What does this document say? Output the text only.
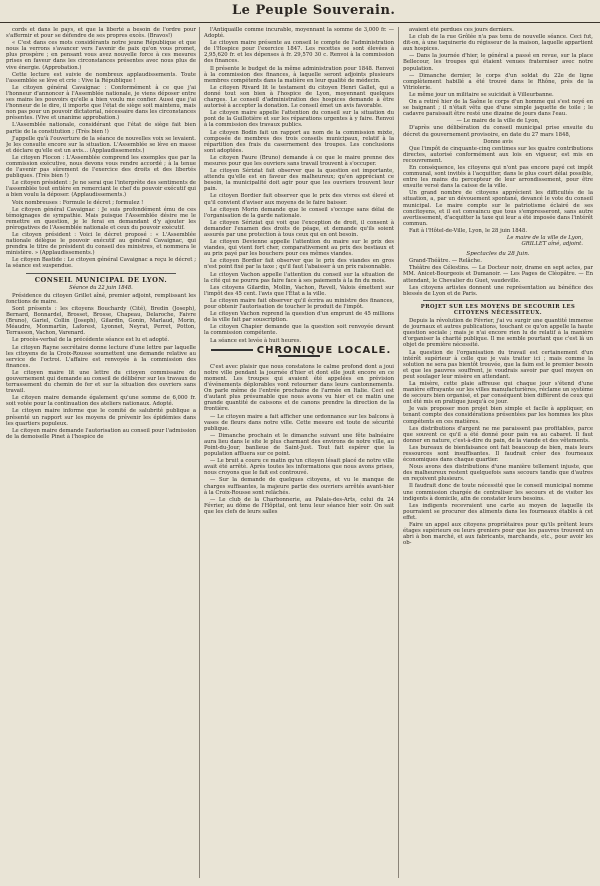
Le Peuple Souverain.

cords et dans le pays, et que la liberté a besoin de l'ordre pour s'affermir et pour se défendre de ses propres excès. (Bravos!)

« C'est dans ces mots considérants notre jeune République et que nous la verrons s'avancer vers l'avenir de paix qu'on vous promet, plus prospère ; en pensant vous avez nouvelle force à ces mesures prises en faveur dans les circonstances présentes avec nous plus de vive énergie. (Approbation.)

Cette lecture est suivie de nombreux applaudissements. Toute l'assemblée se lève et crie : Vive la République !

Le citoyen général Cavaignac : Conformément à ce que j'ai l'honneur d'annoncer à l'Assemblée nationale, je viens déposer entre ses mains les pouvoirs qu'elle a bien voulu me confier. Aussi que j'ai l'honneur de le dire, il importe que l'état de siège soit maintenu, mais non pas pour un pouvoir dictatorial, nécessaire dans les circonstances présentes. (Vive et unanime approbation.)

L'Assemblée nationale, considérant que l'état de siège fait bien partie de la constitution ; (Très bien !)

J'appelle qu'à l'ouverture de la séance de nouvelles voix se levaient. Je les consulte encore sur la situation. L'Assemblée se lève en masse et déclare qu'elle est un avis... (Applaudissements.)

Le citoyen Flocon : L'Assemblée comprend les exemples que par la commission exécutive, nous devons vous rendre accordé ; à la tenue de l'avenir pas sûrement de l'exercice des droits et des libertés publiques. (Très bien !)

Le citoyen président : Je ne serai que l'interprète des sentiments de l'assemblée tout entière en remerciant le chef du pouvoir exécutif qui a bien voulu la déposer. (Applaudissements.)

Voix nombreuses : Formule le décret ; formulez !

Le citoyen général Cavaignac : Je suis profondément ému de ces témoignages de sympathie. Mais puisque l'Assemblée désire me le remettre en question, je le ferai en demandant d'y ajouter les prérogatives de l'Assemblée nationale et ceux du pouvoir exécutif.

Le citoyen président : Voici le décret proposé : « L'Assemblée nationale délègue le pouvoir exécutif au général Cavaignac, qui prendra le titre de président du conseil des ministres, et nommera le ministère. » (Applaudissements.)

Le citoyen Bastide : Le citoyen général Cavaignac a reçu le décret ; la séance est suspendue.

CONSEIL MUNICIPAL DE LYON.
Séance du 22 juin 1848.

Présidence du citoyen Grillet aîné, premier adjoint, remplissant les fonctions de maire.

Sont présents : les citoyens Bouchardy (Cité), Bredin (Joseph), Bernard, Bonnardel, Brosset, Brosse, Chapeau, Delaroche, Faivre (Bruno), Gariel, Collin (Joseph), Gilardin, Gonin, Marlaud, Morin, Méaudre, Monmartin, Laforest, Lyonnet, Neyrat, Perret, Potton, Terrasson, Vachon, Varenard.

Le procès-verbal de la précédente séance est lu et adopté.

Le citoyen Rayne secrétaire donne lecture d'une lettre par laquelle les citoyens de la Croix-Rousse soumettent une demande relative au service de l'octroi. L'affaire est renvoyée à la commission des finances.

Le citoyen maire lit une lettre du citoyen commissaire du gouvernement qui demande au conseil de délibérer sur les travaux de terrassement du chemin de fer et sur la situation des ouvriers sans travail.

Le citoyen maire demande également qu'une somme de 6,000 fr. soit votée pour la continuation des ateliers nationaux. Adopté.

Le citoyen maire informe que le comité de salubrité publique a présenté un rapport sur les moyens de prévenir les épidémies dans les quartiers populeux.

Le citoyen maire demande l'autorisation au conseil pour l'admission de la demoiselle Pinet à l'hospice de

l'Antiquaille comme incurable, moyennant la somme de 3,000 fr. — Adopté.

Le citoyen maire présente au conseil le compte de l'administration de l'Hospice pour l'exercice 1847. Les recettes se sont élevées à 2,95,620 fr. et les dépenses à fr. 29,570 30 c. Renvoi à la commission des finances.

Il présente le budget de la même administration pour 1848. Renvoi à la commission des finances, à laquelle seront adjoints plusieurs membres compétents dans la matière en leur qualité de médecin.

Le citoyen Rivard lit le testament du citoyen Henri Gallet, qui a donné tout son bien à l'hospice de Lyon, moyennant quelques charges. Le conseil d'administration des hospices demande à être autorisé à accepter la donation. Le conseil émet un avis favorable.

Le citoyen maire appelle l'attention du conseil sur la situation du pont de la Guillotière et sur les réparations urgentes à y faire. Renvoi à la commission des travaux publics.

Le citoyen Bodin fait un rapport au nom de la commission mixte, composée de membres des trois conseils municipaux, relatif à la répartition des frais du casernement des troupes. Les conclusions sont adoptées.

Le citoyen Faure (Bruno) demande à ce que le maire prenne des mesures pour que les ouvriers sans travail trouvent à s'occuper.

Le citoyen Sériziat fait observer que la question est importante, attendu qu'elle est en faveur des malheureux; qu'en appréciant ce besoin, la municipalité doit agir pour que les ouvriers trouvent leur pain.

Le citoyen Bordier fait observer que le prix des vivres est élevé et qu'il convient d'aviser aux moyens de le faire baisser.

Le citoyen Morin demande que le conseil s'occupe sans délai de l'organisation de la garde nationale.

Le citoyen Sériziat qui voit que l'exception de droit, il consent à demander l'examen des droits de péage, et demande qu'ils soient assurés par une protection à tous ceux qui en ont besoin.

Le citoyen Devienne appelle l'attention du maire sur le prix des viandes, qui vient fort cher, comparativement au prix des bestiaux et au prix payé par les bouchers pour ces mêmes viandes.

Le citoyen Bordier fait observer que le prix des viandes en gros n'est point fixé par la taxe ; qu'il faut l'abaisser à un prix raisonnable.

Le citoyen Vachon appelle l'attention du conseil sur la situation de la cité qui ne pourra pas faire face à ses paiements à la fin du mois.

Les citoyens Gilardin, Mollin, Vachon, Revell, Valois émettent sur l'impôt des 45 cent. l'avis que l'État a la ville.

Le citoyen maire fait observer qu'il écrira au ministre des finances, pour obtenir l'autorisation de toucher le produit de l'impôt.

Le citoyen Vachon reprend la question d'un emprunt de 45 millions de la ville fait par souscription.

Le citoyen Chapier demande que la question soit renvoyée devant la commission compétente.

La séance est levée à huit heures.

CHRONIQUE LOCALE.

C'est avec plaisir que nous constatons le calme profond dont a joui notre ville pendant la journée d'hier et dont elle jouit encore en ce moment. Les troupes qui avaient été appelées en prévision d'événements déplorables vont retourner dans leurs cantonnements. On parle même de l'entrée prochaine de l'armée en Italie. Ceci est d'autant plus présumable que nous avons vu hier et ce matin une grande quantité de caissons et de canons prendre la direction de la frontière.

— Le citoyen maire a fait afficher une ordonnance sur les balcons à vases de fleurs dans notre ville. Cette mesure est toute de sécurité publique.

— Dimanche prochain et le dimanche suivant une fête balnéaire aura lieu dans le site le plus charmant des environs de notre ville, au Point-du-Jour, banlieue de Saint-Just. Tout fait espérer que la population affluera sur ce point.

— Le bruit a couru ce matin qu'un citoyen lésait placé de notre ville avait été arrêté. Après toutes les informations que nous avons prises, nous croyons que le fait est controuvé.

— Sur la demande de quelques citoyens, et vu le manque de charges suffisantes, la majeure partie des ouvriers arrêtés avant-hier à la Croix-Rousse sont relâchés.

— Le club de la Charbonnerie, au Palais-des-Arts, celui du 24 Février, au dôme de l'Hôpital, ont tenu leur séance hier soir. On sait que les clefs de leurs salles

avaient été perdues ces jours derniers.

Le club de la rue Grôlée n'a pas tenu de nouvelle séance. Ceci fut, dit-on, à une taquinerie du régisseur de la maison, laquelle appartient aux hospices.

— Dans la journée d'hier, le général a passé en revue, sur la place Bellecour, les troupes qui étaient venues fraterniser avec notre population.

— Dimanche dernier, le corps d'un soldat du 22e de ligne complètement habillé a été trouvé dans le Rhône, près de la Vitriolerie.

Le même jour un militaire se suicidait à Villeurbanne.

On a retiré hier de la Saône le corps d'un homme qui s'est noyé en se baignant ; il n'était vêtu que d'une simple jaquette de toile ; le cadavre paraissait être resté une dizaine de jours dans l'eau.

— Le maire de la ville de Lyon,

D'après une délibération du conseil municipal prise ensuite du décret du gouvernement provisoire, en date du 27 mars 1848,

Donne avis

Que l'impôt de cinquante-cinq centimes sur les quatre contributions directes, autorisé conformément aux lois en vigueur, est mis en recouvrement.

En conséquence, les citoyens qui n'ont pas encore payé cet impôt communal, sont invités à l'acquitter, dans le plus court délai possible, entre les mains du percepteur de leur arrondissement, pour être ensuite versé dans la caisse de la ville.

Un grand nombre de citoyens apprécient les difficultés de la situation, a, par un dévouement spontané, devancé le vote du conseil municipal. Le maire compte sur le patriotisme éclairé de ses concitoyens, et il est convaincu que tous s'empresseront, sans autre avertissement, d'acquitter la taxe qui leur a été imposée dans l'intérêt commun.

Fait à l'Hôtel-de-Ville, Lyon, le 28 juin 1848.

Le maire de la ville de Lyon,
GRILLET aîné, adjoint.
Spectacles du 28 Juin.

Grand-Théâtre. — Relâche.

Théâtre des Célestins. — Le Docteur noir, drame en sept actes, par MM. Anicet-Bourgeois et Dumanoir. — Les Pages de Cléopâtre. — En attendant, le Chevalier du Guet, vaudeville.

Les citoyens artistes donnent une représentation au bénéfice des blessés de Lyon et de Paris.

PROJET SUR LES MOYENS DE SECOURIR LES CITOYENS NÉCESSITEUX.

Depuis la révolution de Février, j'ai vu surgir une quantité immense de journaux et autres publications, touchant ce qu'on appelle la haute question sociale ; mais je n'ai encore rien lu de relatif à la manière d'organiser la charité publique. Il me semble pourtant que c'est là un objet de première nécessité.

La question de l'organisation du travail est certainement d'un intérêt supérieur à celle que je vais traiter ici ; mais comme la solution ne sera pas bientôt trouvée, que la faim est le premier besoin et que les pauvres souffrent, je voudrais savoir par quel moyen on peut soulager leur misère en attendant.

La misère, cette plaie affreuse qui chaque jour s'étend d'une manière effrayante sur les villes manufacturières, réclame un système de secours bien organisé, et par conséquent bien différent de ceux qui ont été mis en pratique jusqu'à ce jour.

Je vais proposer mon projet bien simple et facile à appliquer, en tenant compte des considérations présentées par les hommes les plus compétents en ces matières.

Les distributions d'argent ne me paraissent pas profitables, parce que souvent ce qu'il a été donné pour pain va au cabaret. Il faut donner en nature, c'est-à-dire du pain, de la viande et des vêtements.

Les bureaux de bienfaisance ont fait beaucoup de bien, mais leurs ressources sont insuffisantes. Il faudrait créer des fourneaux économiques dans chaque quartier.

Nous avons des distributions d'une manière tellement injuste, que des malheureux restent quelquefois sans secours tandis que d'autres en reçoivent plusieurs.

Il faudrait donc de toute nécessité que le conseil municipal nomme une commission chargée de centraliser les secours et de visiter les indigents à domicile, afin de constater leurs besoins.

Les indigents recevraient une carte au moyen de laquelle ils pourraient se procurer des aliments dans les fourneaux établis à cet effet.

Faire un appel aux citoyens propriétaires pour qu'ils prêtent leurs étages supérieurs ou leurs greniers pour que les pauvres trouvent un abri à bon marché, et aux fabricants, marchands, etc., pour avoir les ob-
